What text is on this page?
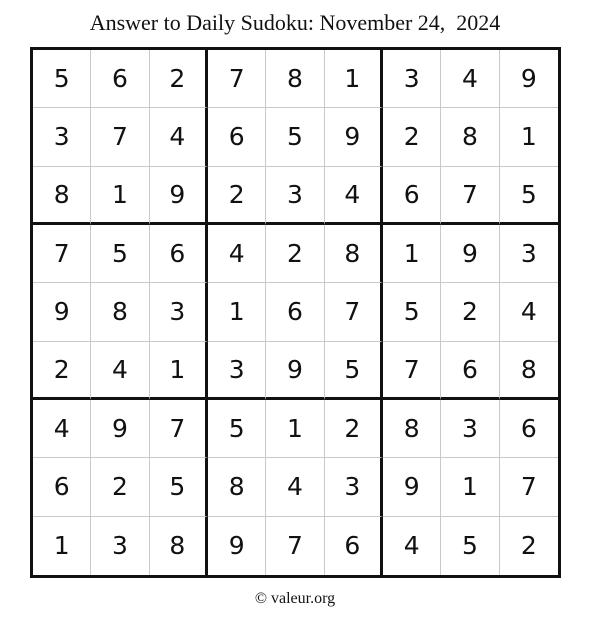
Answer to Daily Sudoku: November 24,  2024
5	6	2	7	8	1	3	4	9
3	7	4	6	5	9	2	8	1
8	1	9	2	3	4	6	7	5
7	5	6	4	2	8	1	9	3
9	8	3	1	6	7	5	2	4
2	4	1	3	9	5	7	6	8
4	9	7	5	1	2	8	3	6
6	2	5	8	4	3	9	1	7
1	3	8	9	7	6	4	5	2
© valeur.org
